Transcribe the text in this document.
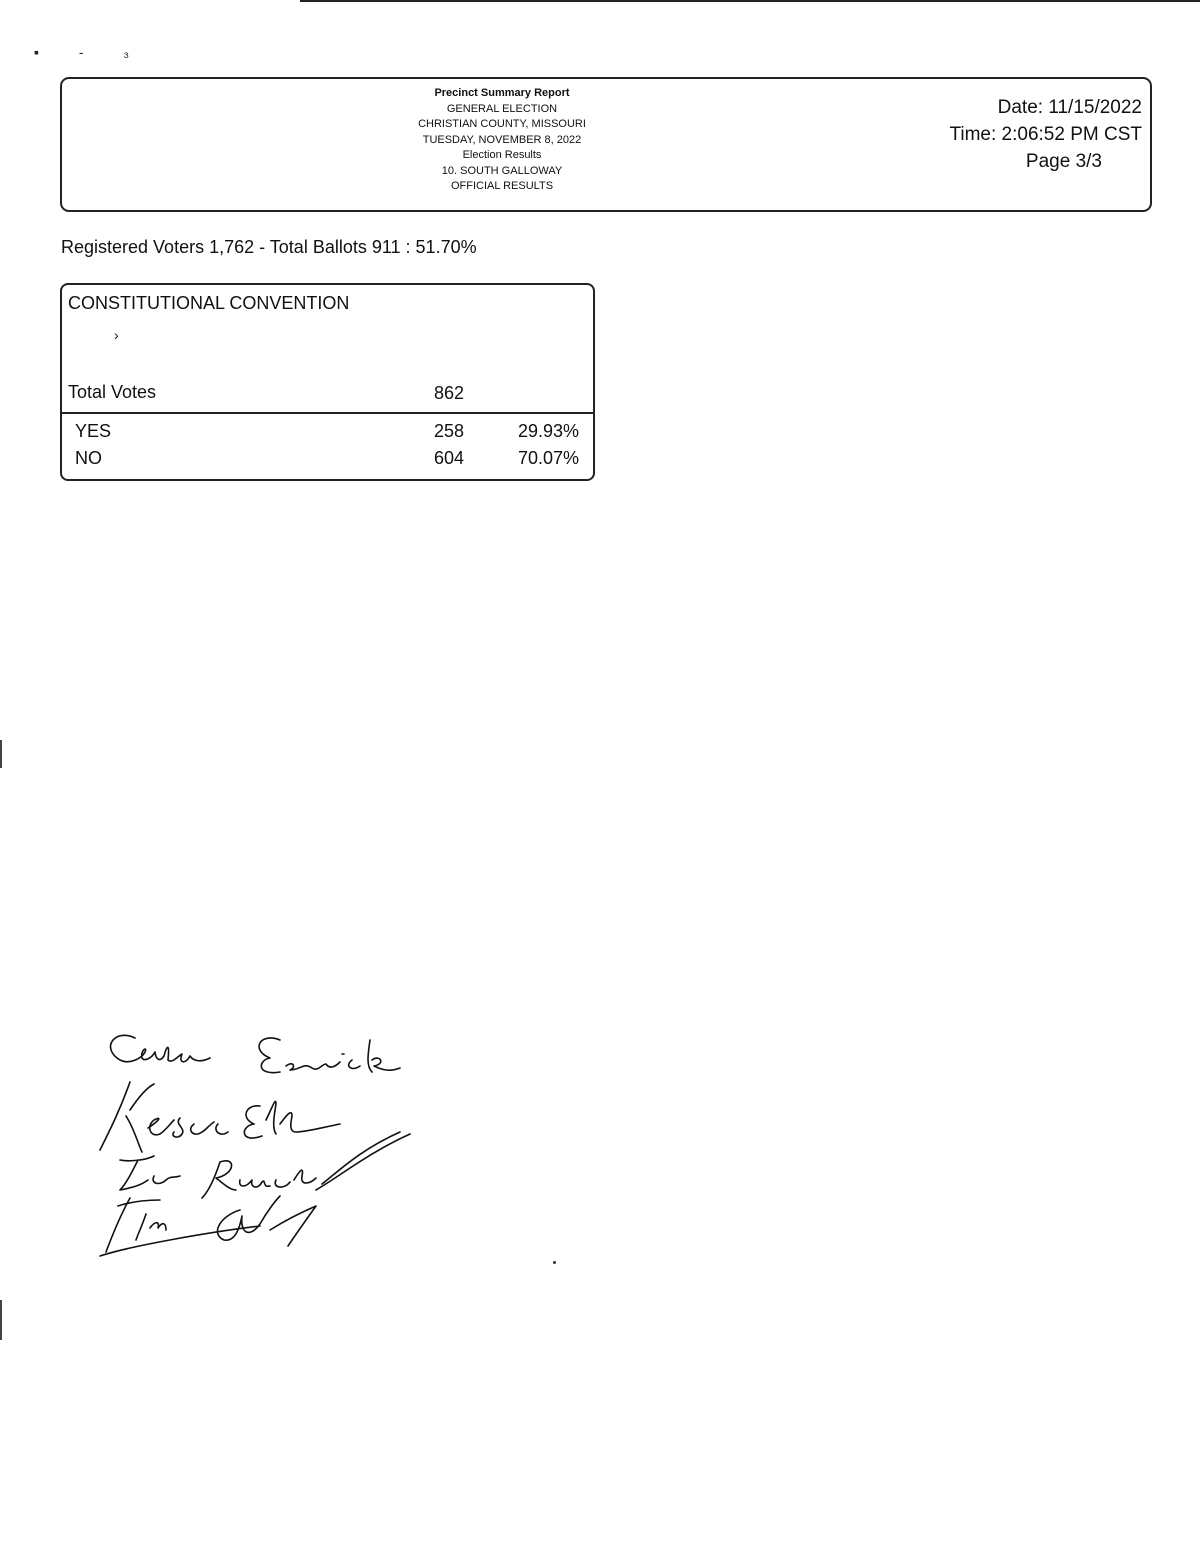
▪ ‐ ₃
Precinct Summary Report
GENERAL ELECTION
CHRISTIAN COUNTY, MISSOURI
TUESDAY, NOVEMBER 8, 2022
Election Results
10. SOUTH GALLOWAY
OFFICIAL RESULTS
Date: 11/15/2022
Time: 2:06:52 PM CST
Page 3/3
Registered Voters 1,762 - Total Ballots 911 : 51.70%
CONSTITUTIONAL CONVENTION
›
Total Votes	862
YES	258	29.93%
NO	604	70.07%
